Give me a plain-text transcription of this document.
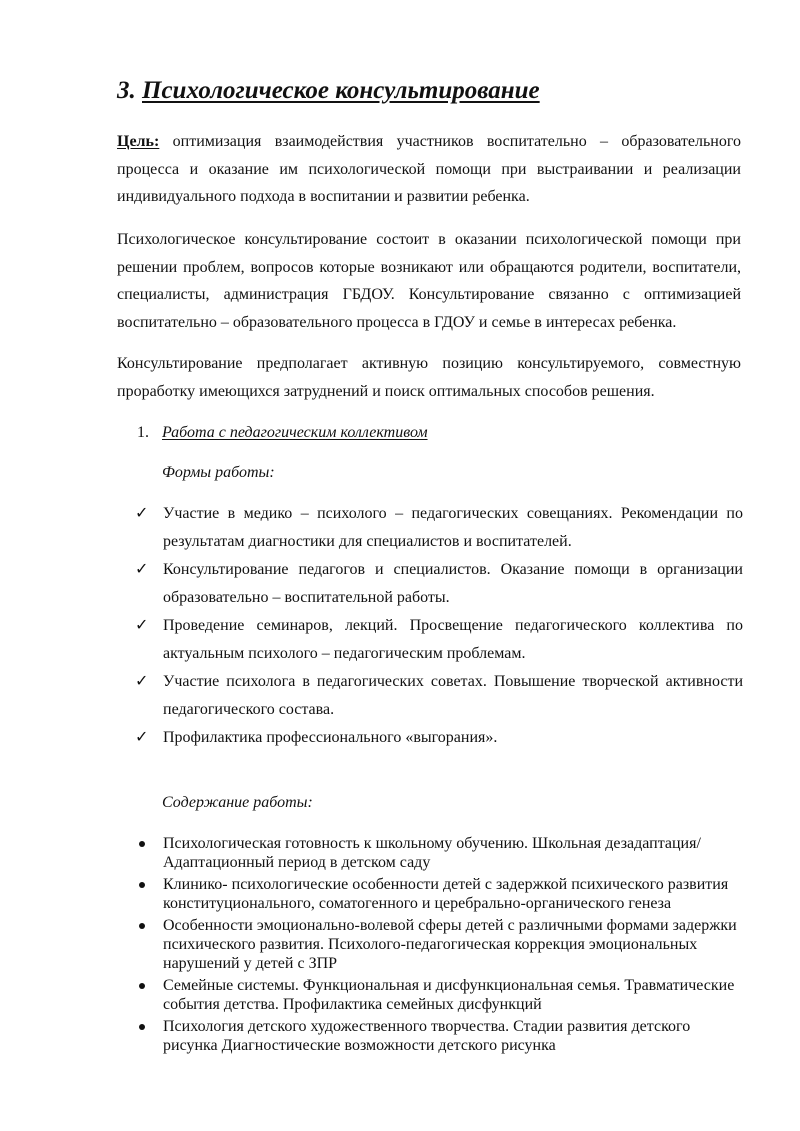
3. Психологическое консультирование

Цель: оптимизация взаимодействия участников воспитательно – образовательного процесса и оказание им психологической помощи при выстраивании и реализации индивидуального подхода в воспитании и развитии ребенка.

Психологическое консультирование состоит в оказании психологической помощи при решении проблем, вопросов которые возникают или обращаются родители, воспитатели, специалисты, администрация ГБДОУ. Консультирование связанно с оптимизацией воспитательно – образовательного процесса в ГДОУ и семье в интересах ребенка.

Консультирование предполагает активную позицию консультируемого, совместную проработку имеющихся затруднений и поиск оптимальных способов решения.

1. Работа с педагогическим коллективом
Формы работы:
✓ Участие в медико – психолого – педагогических совещаниях. Рекомендации по результатам диагностики для специалистов и воспитателей.
✓ Консультирование педагогов и специалистов. Оказание помощи в организации образовательно – воспитательной работы.
✓ Проведение семинаров, лекций. Просвещение педагогического коллектива по актуальным психолого – педагогическим проблемам.
✓ Участие психолога в педагогических советах. Повышение творческой активности педагогического состава.
✓ Профилактика профессионального «выгорания».
Содержание работы:
Психологическая готовность к школьному обучению. Школьная дезадаптация/ Адаптационный период в детском саду
Клинико- психологические особенности детей с задержкой психического развития конституционального, соматогенного и церебрально-органического генеза
Особенности эмоционально-волевой сферы детей с различными формами задержки психического развития. Психолого-педагогическая коррекция эмоциональных нарушений у детей с ЗПР
Семейные системы. Функциональная и дисфункциональная семья. Травматические события детства. Профилактика семейных дисфункций
Психология детского художественного творчества. Стадии развития детского рисунка Диагностические возможности детского рисунка
